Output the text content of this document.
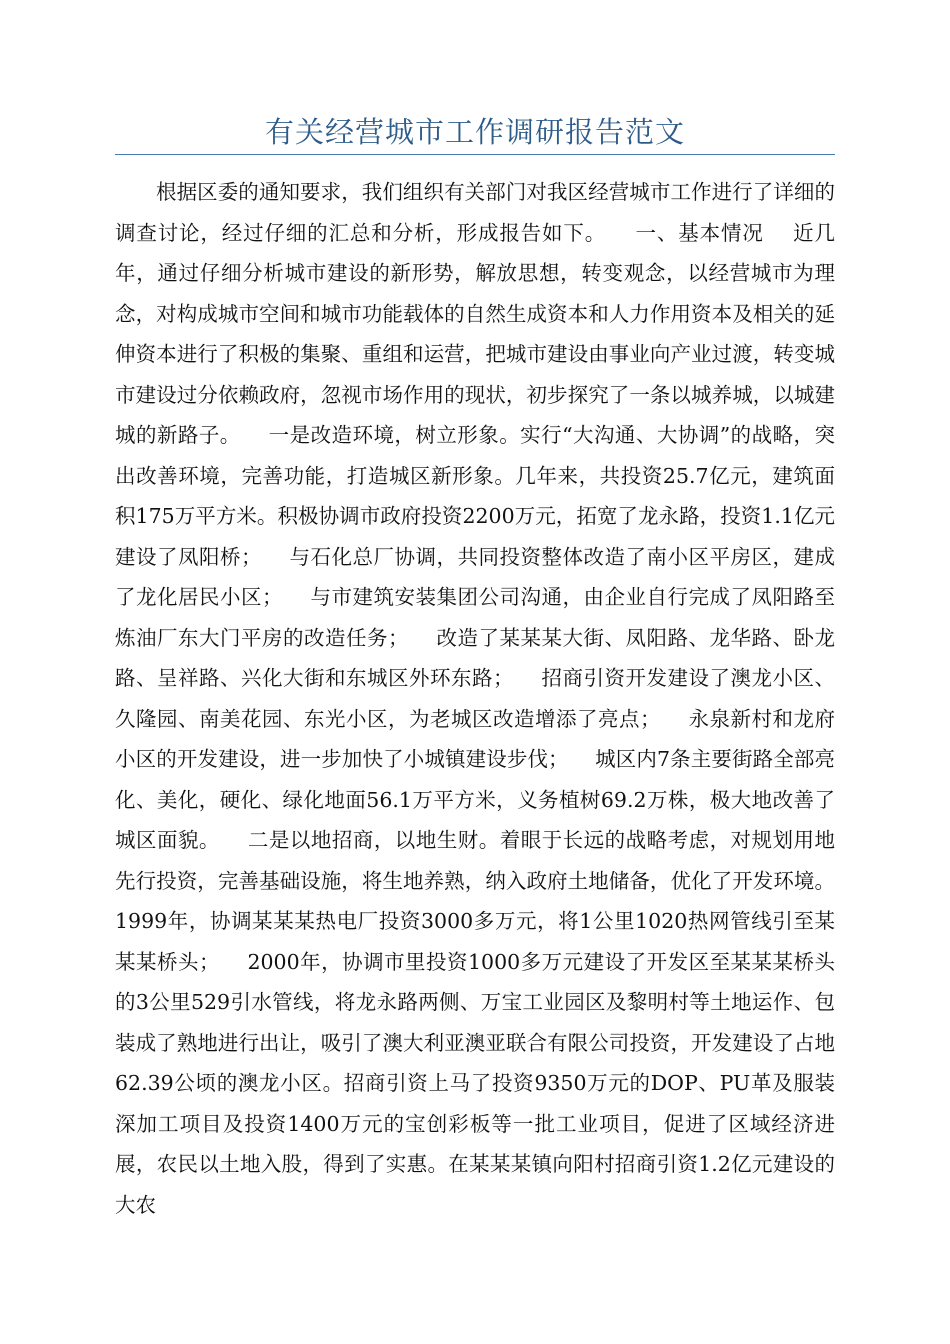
有关经营城市工作调研报告范文

根据区委的通知要求，我们组织有关部门对我区经营城市工作进行了详细的调查讨论，经过仔细的汇总和分析，形成报告如下。    一、基本情况    近几年，通过仔细分析城市建设的新形势，解放思想，转变观念，以经营城市为理念，对构成城市空间和城市功能载体的自然生成资本和人力作用资本及相关的延伸资本进行了积极的集聚、重组和运营，把城市建设由事业向产业过渡，转变城市建设过分依赖政府，忽视市场作用的现状，初步探究了一条以城养城，以城建城的新路子。    一是改造环境，树立形象。实行“大沟通、大协调”的战略，突出改善环境，完善功能，打造城区新形象。几年来，共投资25.7亿元，建筑面积175万平方米。积极协调市政府投资2200万元，拓宽了龙永路，投资1.1亿元建设了凤阳桥；    与石化总厂协调，共同投资整体改造了南小区平房区，建成了龙化居民小区；    与市建筑安装集团公司沟通，由企业自行完成了凤阳路至炼油厂东大门平房的改造任务；    改造了某某某大街、凤阳路、龙华路、卧龙路、呈祥路、兴化大街和东城区外环东路；    招商引资开发建设了澳龙小区、久隆园、南美花园、东光小区，为老城区改造增添了亮点；    永泉新村和龙府小区的开发建设，进一步加快了小城镇建设步伐；    城区内7条主要街路全部亮化、美化，硬化、绿化地面56.1万平方米，义务植树69.2万株，极大地改善了城区面貌。    二是以地招商，以地生财。着眼于长远的战略考虑，对规划用地先行投资，完善基础设施，将生地养熟，纳入政府土地储备，优化了开发环境。1999年，协调某某某热电厂投资3000多万元，将1公里1020热网管线引至某某某桥头；    2000年，协调市里投资1000多万元建设了开发区至某某某桥头的3公里529引水管线，将龙永路两侧、万宝工业园区及黎明村等土地运作、包装成了熟地进行出让，吸引了澳大利亚澳亚联合有限公司投资，开发建设了占地62.39公顷的澳龙小区。招商引资上马了投资9350万元的DOP、PU革及服装深加工项目及投资1400万元的宝创彩板等一批工业项目，促进了区域经济进展，农民以土地入股，得到了实惠。在某某某镇向阳村招商引资1.2亿元建设的大农
